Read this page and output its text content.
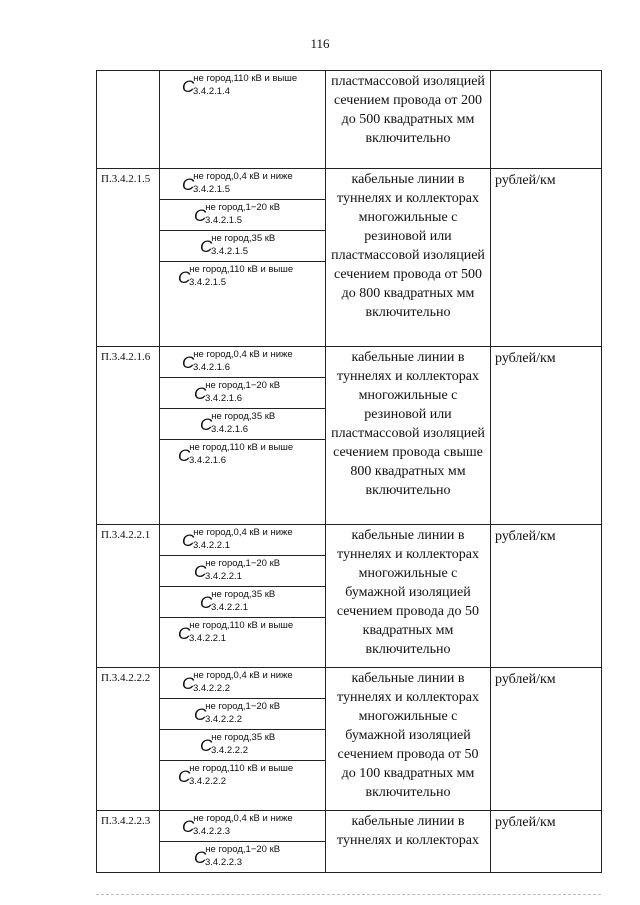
116

	Cне город,110 кВ и выше
3.4.2.1.4	пластмассовой изоляцией сечением провода от 200 до 500 квадратных мм включительно	
П.3.4.2.1.5	Cне город,0,4 кВ и ниже
3.4.2.1.5	кабельные линии в туннелях и коллекторах многожильные с резиновой или пластмассовой изоляцией сечением провода от 500 до 800 квадратных мм включительно	рублей/км

	Cне город,1−20 кВ
3.4.2.1.5		

	Cне город,35 кВ
3.4.2.1.5		

	Cне город,110 кВ и выше
3.4.2.1.5		

П.3.4.2.1.6	Cне город,0,4 кВ и ниже
3.4.2.1.6	кабельные линии в туннелях и коллекторах многожильные с резиновой или пластмассовой изоляцией сечением провода свыше 800 квадратных мм включительно	рублей/км

	Cне город,1−20 кВ
3.4.2.1.6		

	Cне город,35 кВ
3.4.2.1.6		

	Cне город,110 кВ и выше
3.4.2.1.6		

П.3.4.2.2.1	Cне город,0,4 кВ и ниже
3.4.2.2.1	кабельные линии в туннелях и коллекторах многожильные с бумажной изоляцией сечением провода до 50 квадратных мм включительно	рублей/км

	Cне город,1−20 кВ
3.4.2.2.1		

	Cне город,35 кВ
3.4.2.2.1		

	Cне город,110 кВ и выше
3.4.2.2.1		

П.3.4.2.2.2	Cне город,0,4 кВ и ниже
3.4.2.2.2	кабельные линии в туннелях и коллекторах многожильные с бумажной изоляцией сечением провода от 50 до 100 квадратных мм включительно	рублей/км

	Cне город,1−20 кВ
3.4.2.2.2		

	Cне город,35 кВ
3.4.2.2.2		

	Cне город,110 кВ и выше
3.4.2.2.2		

П.3.4.2.2.3	Cне город,0,4 кВ и ниже
3.4.2.2.3	кабельные линии в туннелях и коллекторах	рублей/км

	Cне город,1−20 кВ
3.4.2.2.3		
